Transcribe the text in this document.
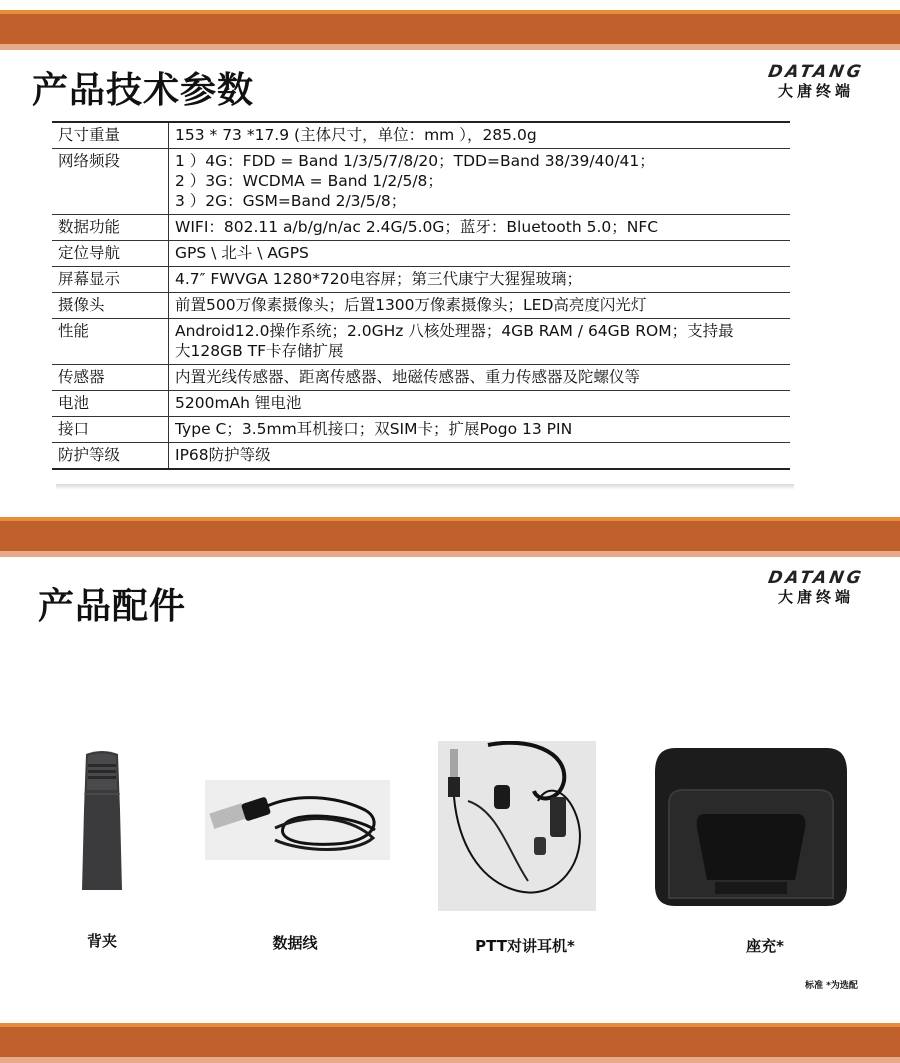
产品技术参数	DATANG
大唐终端
尺寸重量	153 * 73 *17.9 (主体尺寸，单位：mm ），285.0g

网络频段	1 ）4G：FDD = Band 1/3/5/7/8/20；TDD=Band 38/39/40/41；
2 ）3G：WCDMA = Band 1/2/5/8；
3 ）2G：GSM=Band 2/3/5/8；

数据功能	WIFI：802.11 a/b/g/n/ac 2.4G/5.0G；蓝牙：Bluetooth 5.0；NFC

定位导航	GPS \ 北斗 \ AGPS

屏幕显示	4.7″ FWVGA 1280*720电容屏；第三代康宁大猩猩玻璃；

摄像头	前置500万像素摄像头；后置1300万像素摄像头；LED高亮度闪光灯

性能	Android12.0操作系统；2.0GHz 八核处理器；4GB RAM / 64GB ROM；支持最
大128GB TF卡存储扩展

传感器	内置光线传感器、距离传感器、地磁传感器、重力传感器及陀螺仪等

电池	5200mAh 锂电池

接口	Type C；3.5mm耳机接口；双SIM卡；扩展Pogo 13 PIN

防护等级	IP68防护等级
产品配件
DATANG
大唐终端
背夹	数据线	PTT对讲耳机*	座充*
标准 *为选配
